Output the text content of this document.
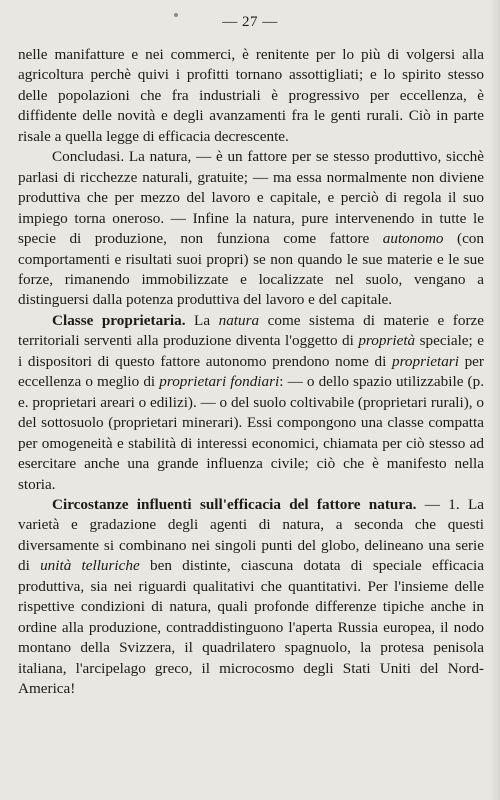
— 27 —

nelle manifatture e nei commerci, è renitente per lo più di volgersi alla agricoltura perchè quivi i profitti tornano assottigliati; e lo spirito stesso delle popolazioni che fra industriali è progressivo per eccellenza, è diffidente delle novità e degli avanzamenti fra le genti rurali. Ciò in parte risale a quella legge di efficacia decrescente.

Concludasi. La natura, — è un fattore per se stesso produttivo, sicchè parlasi di ricchezze naturali, gratuite; — ma essa normalmente non diviene produttiva che per mezzo del lavoro e capitale, e perciò di regola il suo impiego torna oneroso. — Infine la natura, pure intervenendo in tutte le specie di produzione, non funziona come fattore autonomo (con comportamenti e risultati suoi propri) se non quando le sue materie e le sue forze, rimanendo immobilizzate e localizzate nel suolo, vengano a distinguersi dalla potenza produttiva del lavoro e del capitale.

Classe proprietaria. La natura come sistema di materie e forze territoriali serventi alla produzione diventa l'oggetto di proprietà speciale; e i dispositori di questo fattore autonomo prendono nome di proprietari per eccellenza o meglio di proprietari fondiari: — o dello spazio utilizzabile (p. e. proprietari areari o edilizi). — o del suolo coltivabile (proprietari rurali), o del sottosuolo (proprietari minerari). Essi compongono una classe compatta per omogeneità e stabilità di interessi economici, chiamata per ciò stesso ad esercitare anche una grande influenza civile; ciò che è manifesto nella storia.

Circostanze influenti sull'efficacia del fattore natura. — 1. La varietà e gradazione degli agenti di natura, a seconda che questi diversamente si combinano nei singoli punti del globo, delineano una serie di unità telluriche ben distinte, ciascuna dotata di speciale efficacia produttiva, sia nei riguardi qualitativi che quantitativi. Per l'insieme delle rispettive condizioni di natura, quali profonde differenze tipiche anche in ordine alla produzione, contraddistinguono l'aperta Russia europea, il nodo montano della Svizzera, il quadrilatero spagnuolo, la protesa penisola italiana, l'arcipelago greco, il microcosmo degli Stati Uniti del Nord-America!
